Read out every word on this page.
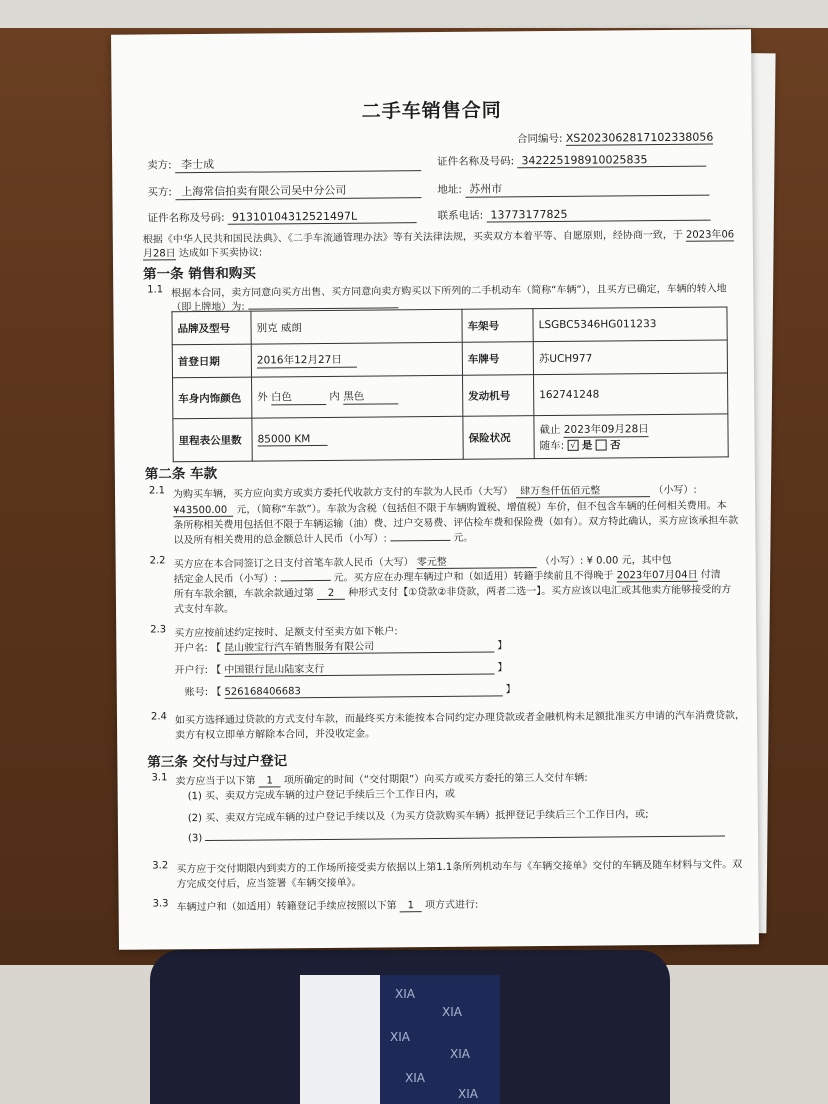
XIA
XIA
XIA
XIA
XIA
XIA
二手车销售合同
合同编号: XS2023062817102338056
卖方: 李士成	证件名称及号码: 342225198910025835
买方: 上海常信拍卖有限公司吴中分公司	地址: 苏州市
证件名称及号码: 91310104312521497L	联系电话: 13773177825
根据《中华人民共和国民法典》、《二手车流通管理办法》等有关法律法规，买卖双方本着平等、自愿原则，经协商一致，于 2023年06
月28日 达成如下买卖协议:
第一条 销售和购买
1.1 根据本合同，卖方同意向买方出售、买方同意向卖方购买以下所列的二手机动车（简称“车辆”），且买方已确定，车辆的转入地
（即上牌地）为:
品牌及型号	别克 威朗	车架号	LSGBC5346HG011233
首登日期	2016年12月27日	车牌号	苏UCH977
车身内饰颜色	外 白色 内 黑色	发动机号	162741248
里程表公里数	85000 KM	保险状况	截止 2023年09月28日
随车: √ 是 否
第二条 车款
2.1 为购买车辆，买方应向卖方或卖方委托代收款方支付的车款为人民币（大写） 肆万叁仟伍佰元整	（小写）:
¥43500.00 元，（简称“车款”）。车款为含税（包括但不限于车辆购置税、增值税）车价，但不包含车辆的任何相关费用。本
条所称相关费用包括但不限于车辆运输（油）费、过户交易费、评估检车费和保险费（如有）。双方特此确认，买方应该承担车款
以及所有相关费用的总金额总计人民币（小写）:	元。
2.2 买方应在本合同签订之日支付首笔车款人民币（大写） 零元整	（小写）: ¥ 0.00 元，其中包
括定金人民币（小写）:	元。买方应在办理车辆过户和（如适用）转籍手续前且不得晚于 2023年07月04日 付清
所有车款余额，车款余款通过第 2 种形式支付【①贷款②非贷款，两者二选一】。买方应该以电汇或其他卖方能够接受的方
式支付车款。
2.3 买方应按前述约定按时、足额支付至卖方如下帐户:
开户名: 【 昆山骏宝行汽车销售服务有限公司	】
开户行: 【 中国银行昆山陆家支行	】
账号: 【 526168406683	】
2.4 如买方选择通过贷款的方式支付车款，而最终买方未能按本合同约定办理贷款或者金融机构未足额批准买方申请的汽车消费贷款，
卖方有权立即单方解除本合同，并没收定金。
第三条 交付与过户登记
3.1 卖方应当于以下第 1 项所确定的时间（“交付期限”）向买方或买方委托的第三人交付车辆:
(1) 买、卖双方完成车辆的过户登记手续后三个工作日内，或
(2) 买、卖双方完成车辆的过户登记手续以及（为买方贷款购买车辆）抵押登记手续后三个工作日内，或;
(3)
3.2 买方应于交付期限内到卖方的工作场所接受卖方依据以上第1.1条所列机动车与《车辆交接单》交付的车辆及随车材料与文件。双
方完成交付后，应当签署《车辆交接单》。
3.3 车辆过户和（如适用）转籍登记手续应按照以下第 1 项方式进行:
